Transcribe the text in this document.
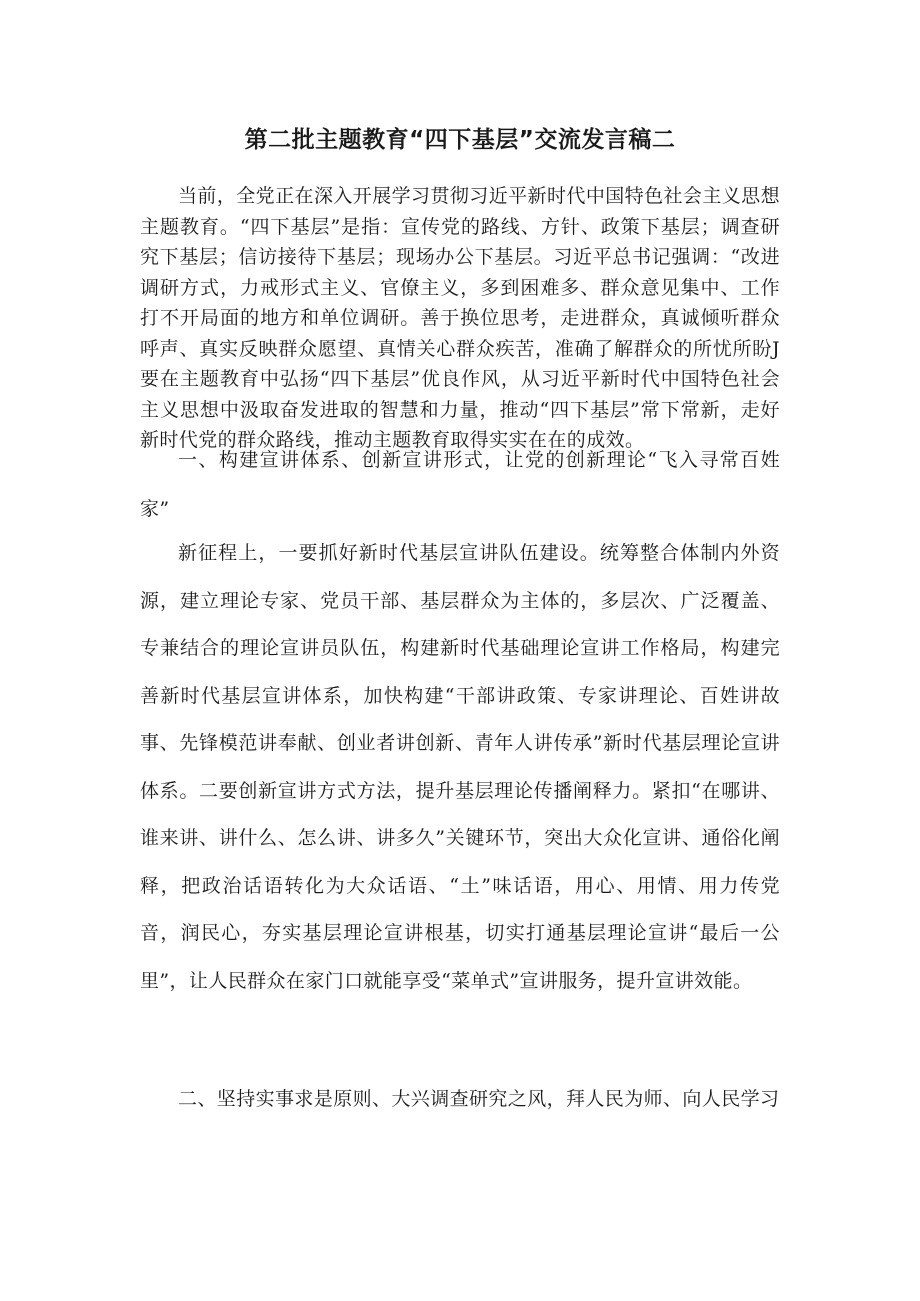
第二批主题教育“四下基层”交流发言稿二

当前，全党正在深入开展学习贯彻习近平新时代中国特色社会主义思想主题教育。“四下基层”是指：宣传党的路线、方针、政策下基层；调查研究下基层；信访接待下基层；现场办公下基层。习近平总书记强调：“改进调研方式，力戒形式主义、官僚主义，多到困难多、群众意见集中、工作打不开局面的地方和单位调研。善于换位思考，走进群众，真诚倾听群众呼声、真实反映群众愿望、真情关心群众疾苦，准确了解群众的所忧所盼J要在主题教育中弘扬“四下基层”优良作风，从习近平新时代中国特色社会主义思想中汲取奋发进取的智慧和力量，推动“四下基层”常下常新，走好新时代党的群众路线，推动主题教育取得实实在在的成效。

一、构建宣讲体系、创新宣讲形式，让党的创新理论“飞入寻常百姓家”

新征程上，一要抓好新时代基层宣讲队伍建设。统筹整合体制内外资源，建立理论专家、党员干部、基层群众为主体的，多层次、广泛覆盖、专兼结合的理论宣讲员队伍，构建新时代基础理论宣讲工作格局，构建完善新时代基层宣讲体系，加快构建“干部讲政策、专家讲理论、百姓讲故事、先锋模范讲奉献、创业者讲创新、青年人讲传承”新时代基层理论宣讲体系。二要创新宣讲方式方法，提升基层理论传播阐释力。紧扣“在哪讲、谁来讲、讲什么、怎么讲、讲多久”关键环节，突出大众化宣讲、通俗化阐释，把政治话语转化为大众话语、“土”味话语，用心、用情、用力传党音，润民心，夯实基层理论宣讲根基，切实打通基层理论宣讲“最后一公里”，让人民群众在家门口就能享受“菜单式”宣讲服务，提升宣讲效能。

二、坚持实事求是原则、大兴调查研究之风，拜人民为师、向人民学习
